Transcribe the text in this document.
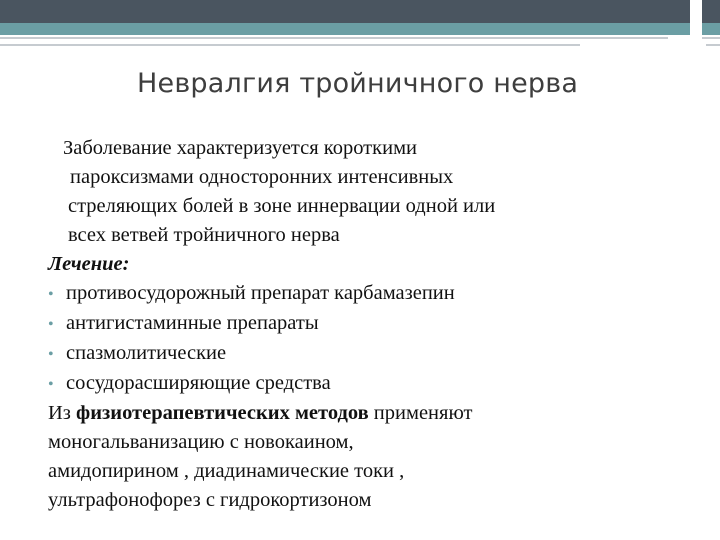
Невралгия тройничного нерва
Заболевание характеризуется короткими
пароксизмами односторонних интенсивных
стреляющих болей в зоне иннервации одной или
всех ветвей тройничного нерва
Лечение:
• противосудорожный препарат карбамазепин
• антигистаминные препараты
• спазмолитические
• сосудорасширяющие средства
Из физиотерапевтических методов применяют
моногальванизацию с новокаином,
амидопирином , диадинамические токи ,
ультрафонофорез с гидрокортизоном
